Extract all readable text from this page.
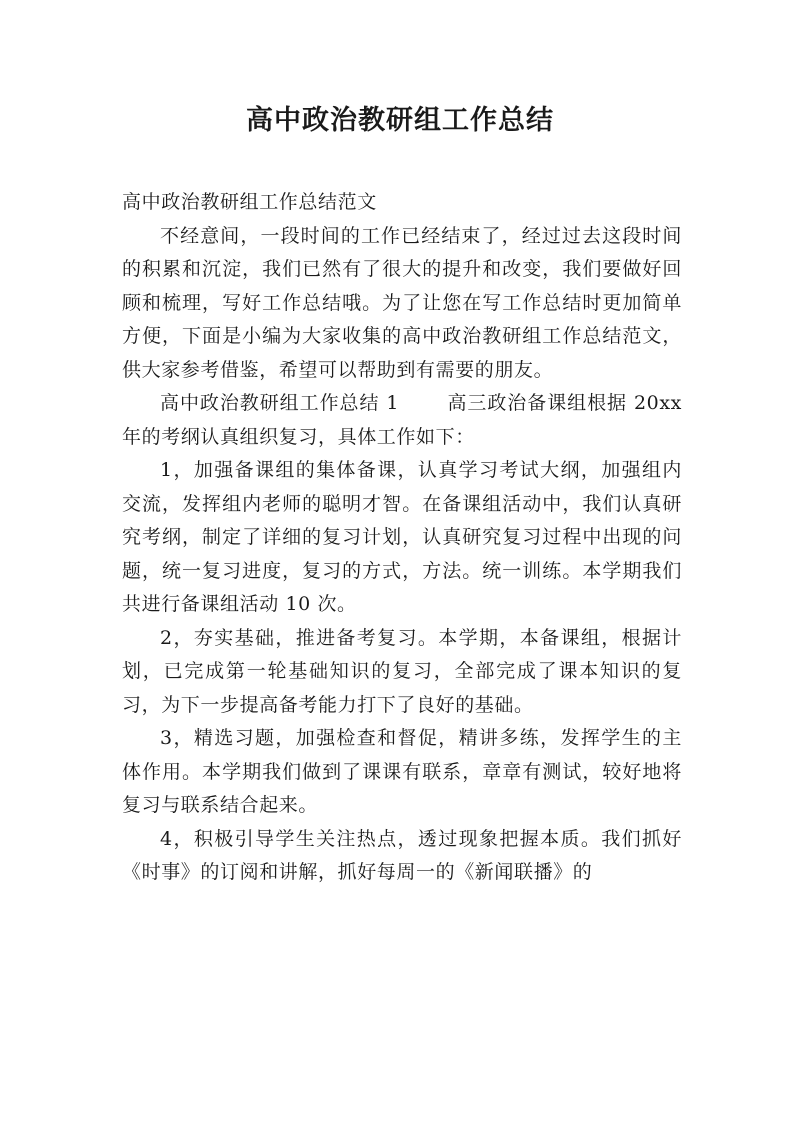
高中政治教研组工作总结

高中政治教研组工作总结范文

不经意间，一段时间的工作已经结束了，经过过去这段时间的积累和沉淀，我们已然有了很大的提升和改变，我们要做好回顾和梳理，写好工作总结哦。为了让您在写工作总结时更加简单方便，下面是小编为大家收集的高中政治教研组工作总结范文，供大家参考借鉴，希望可以帮助到有需要的朋友。

高中政治教研组工作总结 1	高三政治备课组根据 20xx 年的考纲认真组织复习，具体工作如下：

1，加强备课组的集体备课，认真学习考试大纲，加强组内交流，发挥组内老师的聪明才智。在备课组活动中，我们认真研究考纲，制定了详细的复习计划，认真研究复习过程中出现的问题，统一复习进度，复习的方式，方法。统一训练。本学期我们共进行备课组活动 10 次。

2，夯实基础，推进备考复习。本学期，本备课组，根据计划，已完成第一轮基础知识的复习，全部完成了课本知识的复习，为下一步提高备考能力打下了良好的基础。

3，精选习题，加强检查和督促，精讲多练，发挥学生的主体作用。本学期我们做到了课课有联系，章章有测试，较好地将复习与联系结合起来。

4，积极引导学生关注热点，透过现象把握本质。我们抓好《时事》的订阅和讲解，抓好每周一的《新闻联播》的
